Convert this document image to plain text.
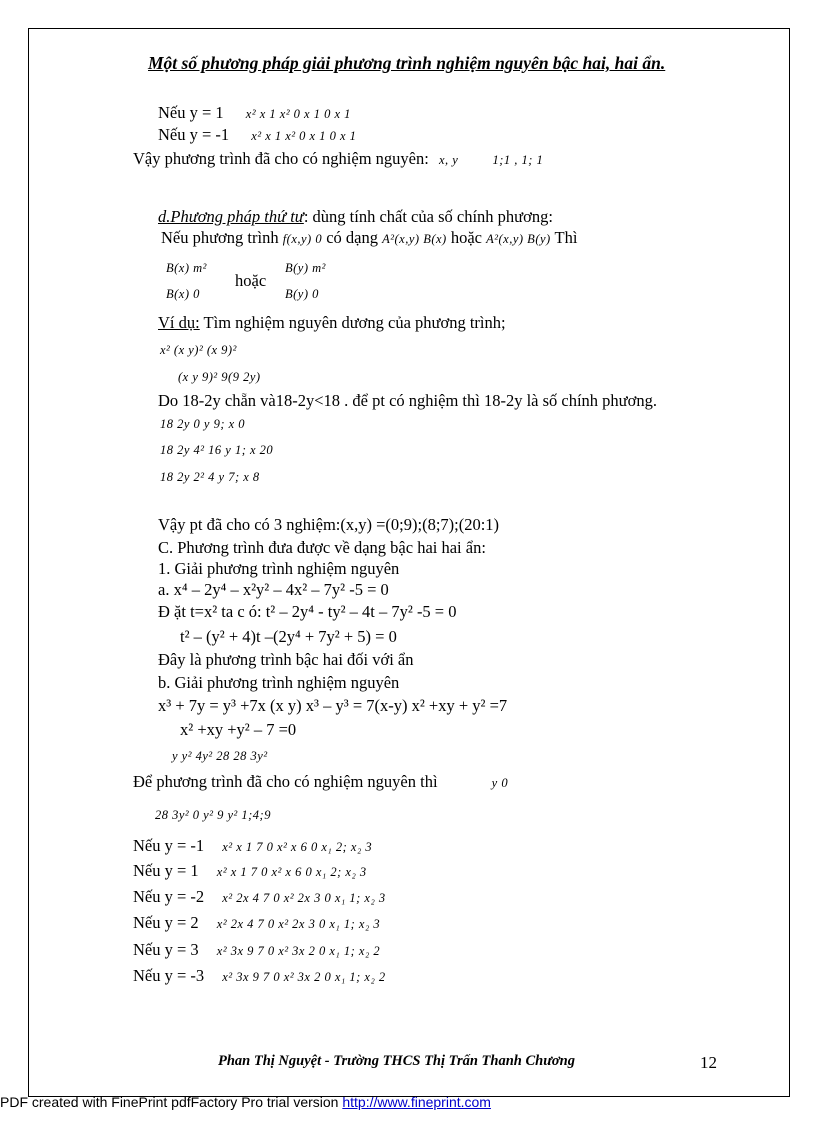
Một số phương pháp giải phương trình nghiệm nguyên bậc hai, hai ẩn.
Nếu y = 1 x² x 1 x² 0 x 1 0 x 1
Nếu y = -1 x² x 1 x² 0 x 1 0 x 1
Vậy phương trình đã cho có nghiệm nguyên: x, y	1;1 , 1; 1
d.Phương pháp thứ tư: dùng tính chất của số chính phương:
Nếu phương trình f(x,y) 0 có dạng A²(x,y) B(x) hoặc A²(x,y) B(y) Thì
B(x) m²
B(x) 0
hoặc
B(y) m²
B(y) 0
Ví dụ: Tìm nghiệm nguyên dương của phương trình;
x² (x y)² (x 9)²
(x y 9)² 9(9 2y)
Do 18-2y chẵn và18-2y<18 . để pt có nghiệm thì 18-2y là số chính phương.
18 2y 0 y 9; x 0
18 2y 4² 16 y 1; x 20
18 2y 2² 4 y 7; x 8
Vậy pt đã cho có 3 nghiệm:(x,y) =(0;9);(8;7);(20:1)
C. Phương trình đưa được về dạng bậc hai hai ẩn:
1. Giải phương trình nghiệm nguyên
a. x⁴ – 2y⁴ – x²y² – 4x² – 7y² -5 = 0
Đ ặt t=x² ta c ó: t² – 2y⁴ - ty² – 4t – 7y² -5 = 0
t² – (y² + 4)t –(2y⁴ + 7y² + 5) = 0
Đây là phương trình bậc hai đối với ẩn
b. Giải phương trình nghiệm nguyên
x³ + 7y = y³ +7x (x y) x³ – y³ = 7(x-y) x² +xy + y² =7
x² +xy +y² – 7 =0
y y² 4y² 28 28 3y²
Để phương trình đã cho có nghiệm nguyên thì	y 0
28 3y² 0 y² 9 y² 1;4;9
Nếu y = -1 x² x 1 7 0 x² x 6 0 x₁ 2; x₂ 3
Nếu y = 1 x² x 1 7 0 x² x 6 0 x₁ 2; x₂ 3
Nếu y = -2 x² 2x 4 7 0 x² 2x 3 0 x₁ 1; x₂ 3
Nếu y = 2 x² 2x 4 7 0 x² 2x 3 0 x₁ 1; x₂ 3
Nếu y = 3 x² 3x 9 7 0 x² 3x 2 0 x₁ 1; x₂ 2
Nếu y = -3 x² 3x 9 7 0 x² 3x 2 0 x₁ 1; x₂ 2
Phan Thị Nguyệt - Trường THCS Thị Trấn Thanh Chương	12
PDF created with FinePrint pdfFactory Pro trial version http://www.fineprint.com
